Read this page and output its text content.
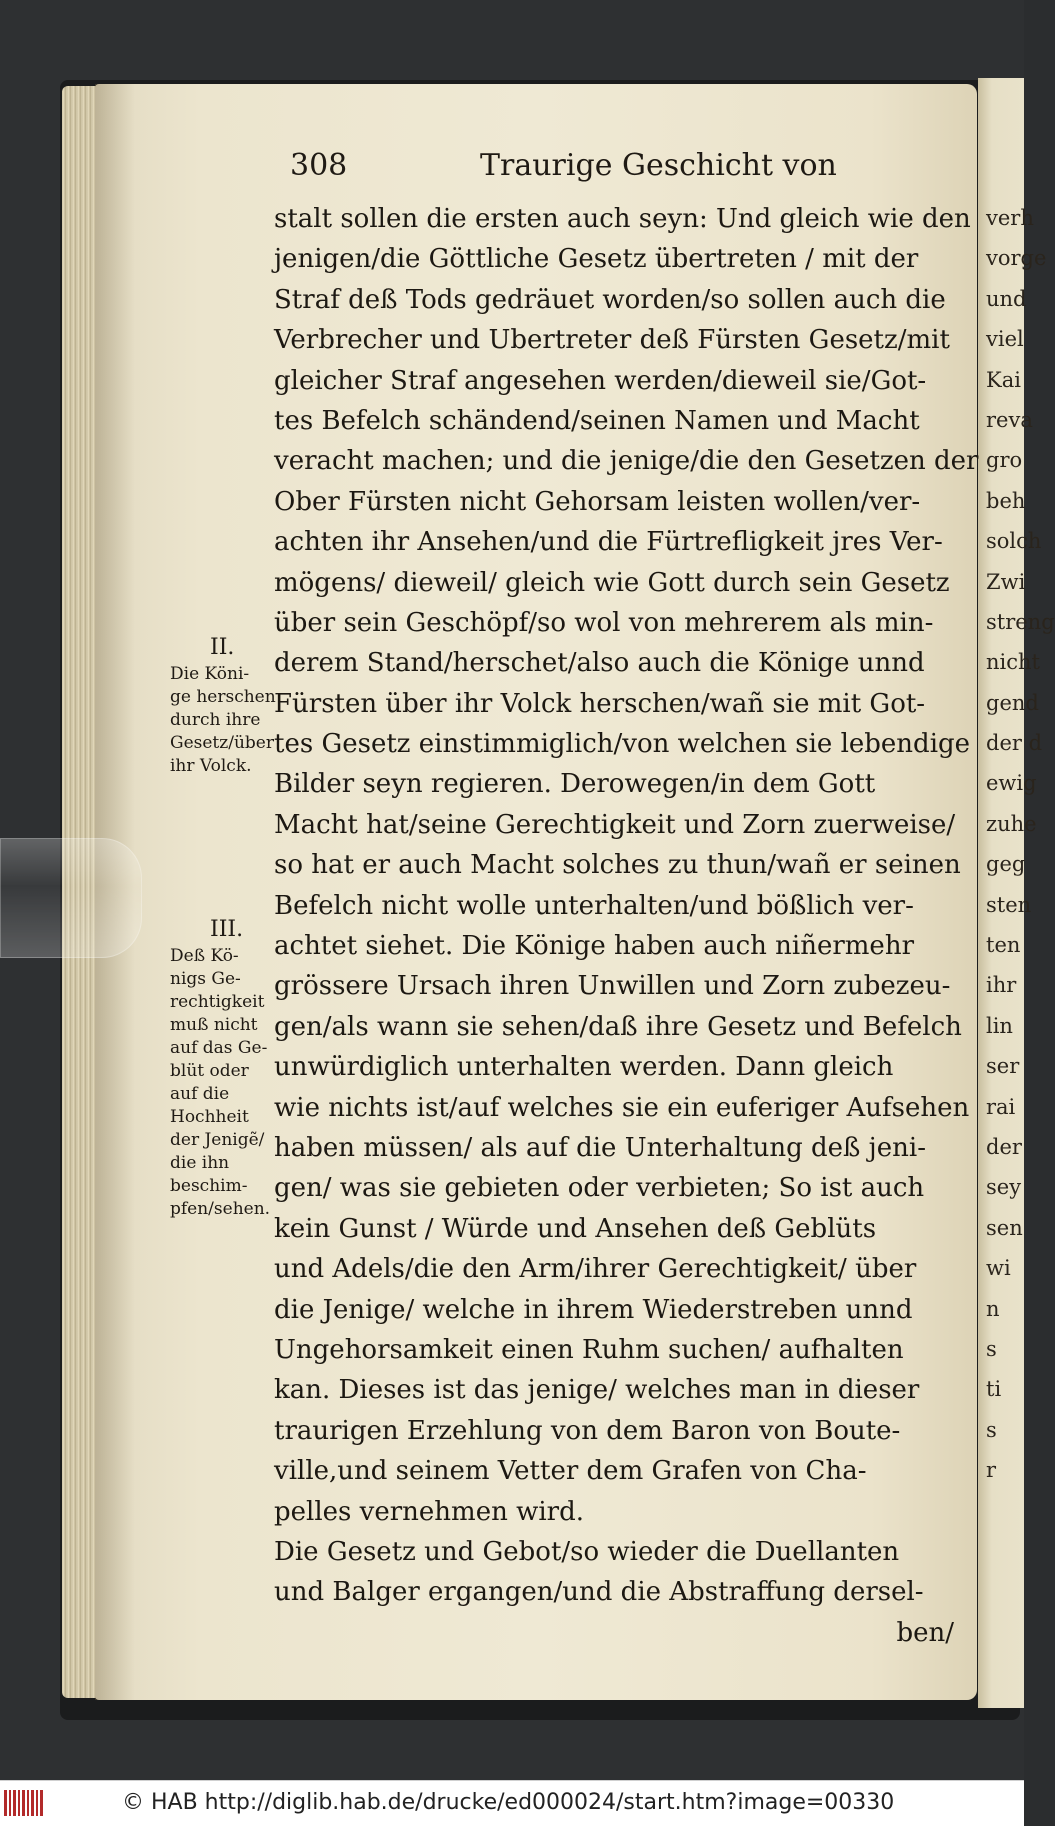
308	Traurige Geschicht von
stalt sollen die ersten auch seyn: Und gleich wie den
jenigen/die Göttliche Gesetz übertreten / mit der
Straf deß Tods gedräuet worden/so sollen auch die
Verbrecher und Ubertreter deß Fürsten Gesetz/mit
gleicher Straf angesehen werden/dieweil sie/Got-
tes Befelch schändend/seinen Namen und Macht
veracht machen; und die jenige/die den Gesetzen der
Ober Fürsten nicht Gehorsam leisten wollen/ver-
achten ihr Ansehen/und die Fürtrefligkeit jres Ver-
mögens/ dieweil/ gleich wie Gott durch sein Gesetz
über sein Geschöpf/so wol von mehrerem als min-
derem Stand/herschet/also auch die Könige unnd
Fürsten über ihr Volck herschen/wañ sie mit Got-
tes Gesetz einstimmiglich/von welchen sie lebendige
Bilder seyn regieren. Derowegen/in dem Gott
Macht hat/seine Gerechtigkeit und Zorn zuerweise/
so hat er auch Macht solches zu thun/wañ er seinen
Befelch nicht wolle unterhalten/und bößlich ver-
achtet siehet. Die Könige haben auch niñermehr
grössere Ursach ihren Unwillen und Zorn zubezeu-
gen/als wann sie sehen/daß ihre Gesetz und Befelch
unwürdiglich unterhalten werden. Dann gleich
wie nichts ist/auf welches sie ein euferiger Aufsehen
haben müssen/ als auf die Unterhaltung deß jeni-
gen/ was sie gebieten oder verbieten; So ist auch
kein Gunst / Würde und Ansehen deß Geblüts
und Adels/die den Arm/ihrer Gerechtigkeit/ über
die Jenige/ welche in ihrem Wiederstreben unnd
Ungehorsamkeit einen Ruhm suchen/ aufhalten
kan. Dieses ist das jenige/ welches man in dieser
traurigen Erzehlung von dem Baron von Boute-
ville,und seinem Vetter dem Grafen von Cha-
pelles vernehmen wird.
Die Gesetz und Gebot/so wieder die Duellanten
und Balger ergangen/und die Abstraffung dersel-
ben/
II.
Die Köni-
ge herschen
durch ihre
Gesetz/über
ihr Volck.
III.
Deß Kö-
nigs Ge-
rechtigkeit
muß nicht
auf das Ge-
blüt oder
auf die
Hochheit
der Jenigẽ/
die ihn
beschim-
pfen/sehen.
verh
vorge
und
viel
Kai
reva
gro
beh
solch
Zwi
streng
nicht
gend
der d
ewig
zuhe
geg
sten
ten
ihr
lin
ser
rai
der
sey
sen
wi
n
s
ti
s
r
© HAB http://diglib.hab.de/drucke/ed000024/start.htm?image=00330
